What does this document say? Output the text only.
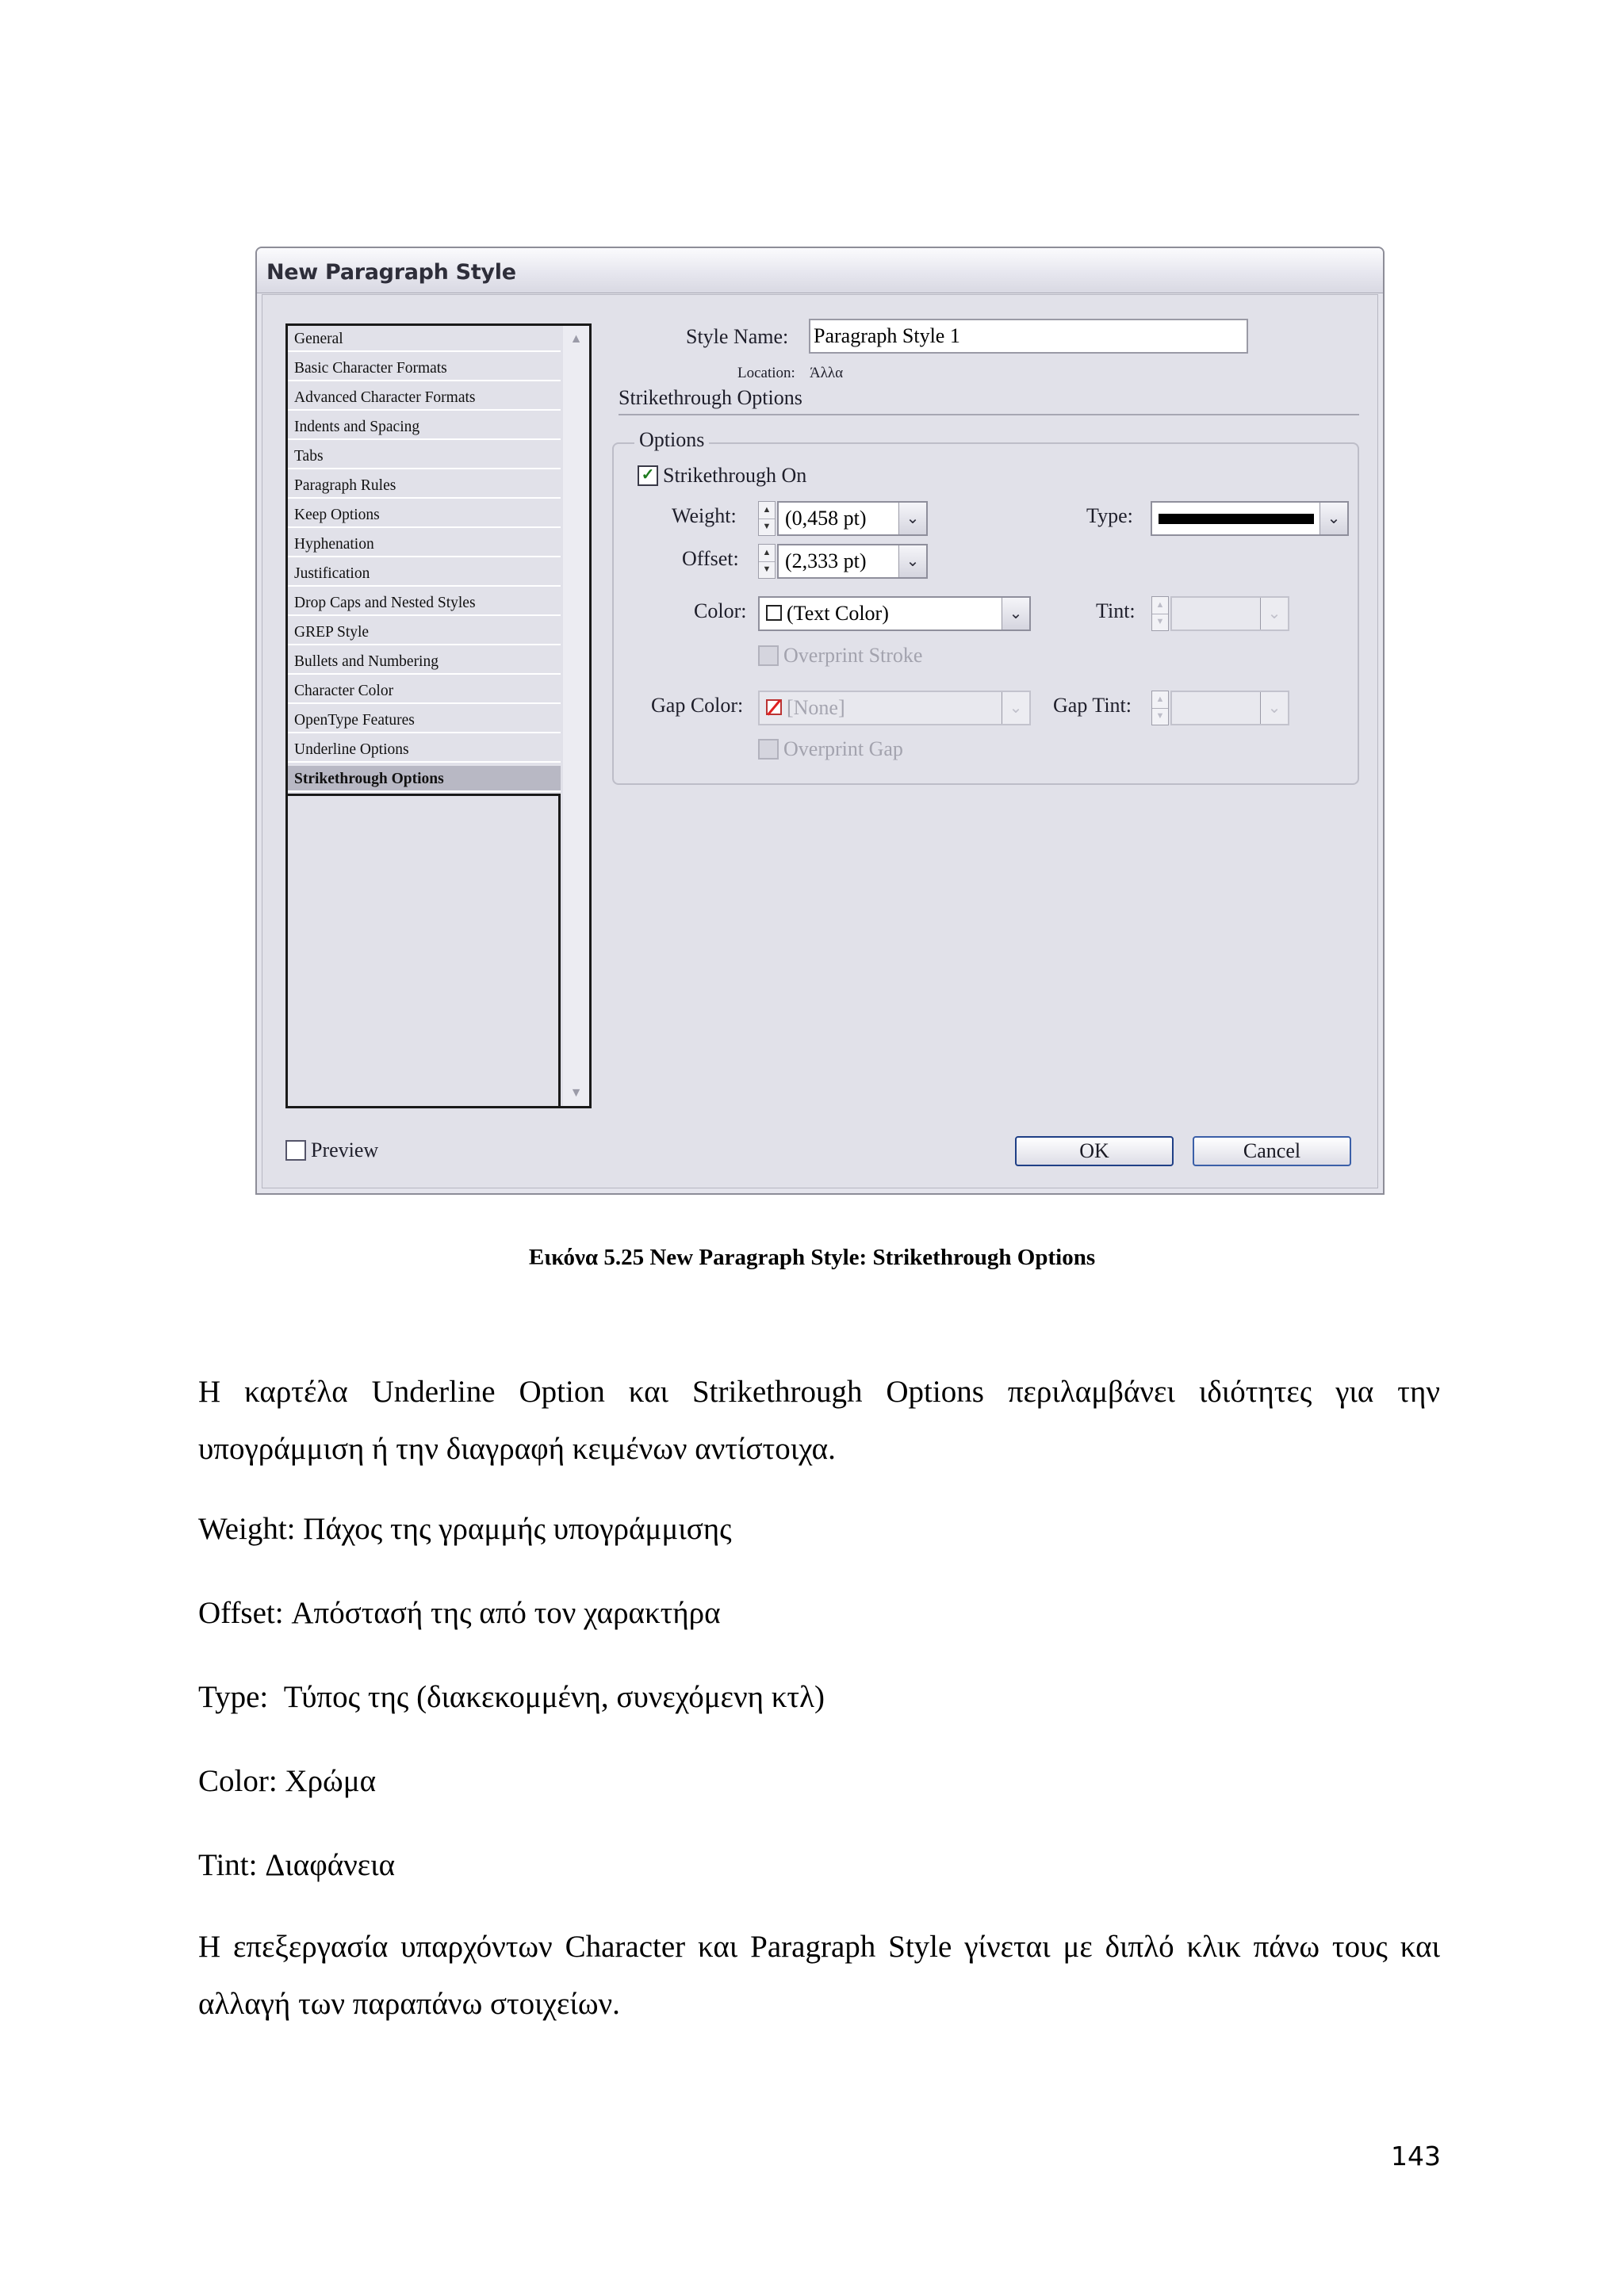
New Paragraph Style
General
Basic Character Formats
Advanced Character Formats
Indents and Spacing
Tabs
Paragraph Rules
Keep Options
Hyphenation
Justification
Drop Caps and Nested Styles
GREP Style
Bullets and Numbering
Character Color
OpenType Features
Underline Options
Strikethrough Options
▲
▼
Style Name: Paragraph Style 1
Location: Άλλα
Strikethrough Options
Options
✓ Strikethrough On
Weight:	▲
▼ (0,458 pt)	⌄
Offset:	▲
▼ (2,333 pt)	⌄
Type:	⌄
Color: (Text Color)	⌄	Tint:	▲
▼	⌄
Overprint Stroke
Gap Color: [None]	⌄	Gap Tint:	▲
▼	⌄
Overprint Gap
Preview	OK	Cancel
Εικόνα 5.25 New Paragraph Style: Strikethrough Options
Η καρτέλα Underline Option και Strikethrough Options περιλαμβάνει ιδιότητες για την υπογράμμιση ή την διαγραφή κειμένων αντίστοιχα.
Weight: Πάχος της γραμμής υπογράμμισης
Offset: Απόστασή της από τον χαρακτήρα
Type:  Τύπος της (διακεκομμένη, συνεχόμενη κτλ)
Color: Χρώμα
Tint: Διαφάνεια
Η επεξεργασία υπαρχόντων Character και Paragraph Style γίνεται με διπλό κλικ πάνω τους και αλλαγή των παραπάνω στοιχείων.
143
